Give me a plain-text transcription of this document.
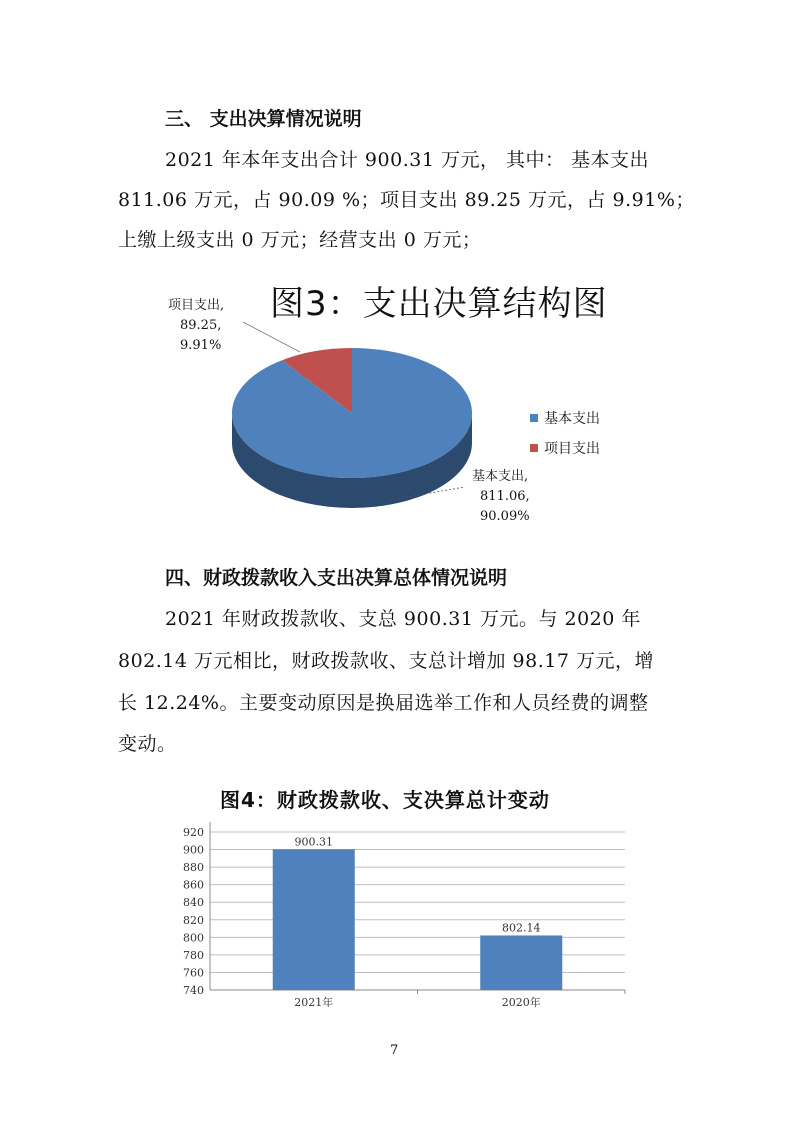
三、 支出决算情况说明
2021 年本年支出合计 900.31 万元， 其中： 基本支出
811.06 万元，占 90.09 %；项目支出 89.25 万元，占 9.91%；
上缴上级支出 0 万元；经营支出 0 万元；
图3：支出决算结构图
项目支出,
89.25,
9.91%
基本支出,
811.06,
90.09%
基本支出
项目支出
四、财政拨款收入支出决算总体情况说明
2021 年财政拨款收、支总 900.31 万元。与 2020 年
802.14 万元相比，财政拨款收、支总计增加 98.17 万元，增
长 12.24%。主要变动原因是换届选举工作和人员经费的调整
变动。
图4：财政拨款收、支决算总计变动
740
760
780
800
820
840
860
880
900
920
900.31
2021年
802.14
2020年
7
